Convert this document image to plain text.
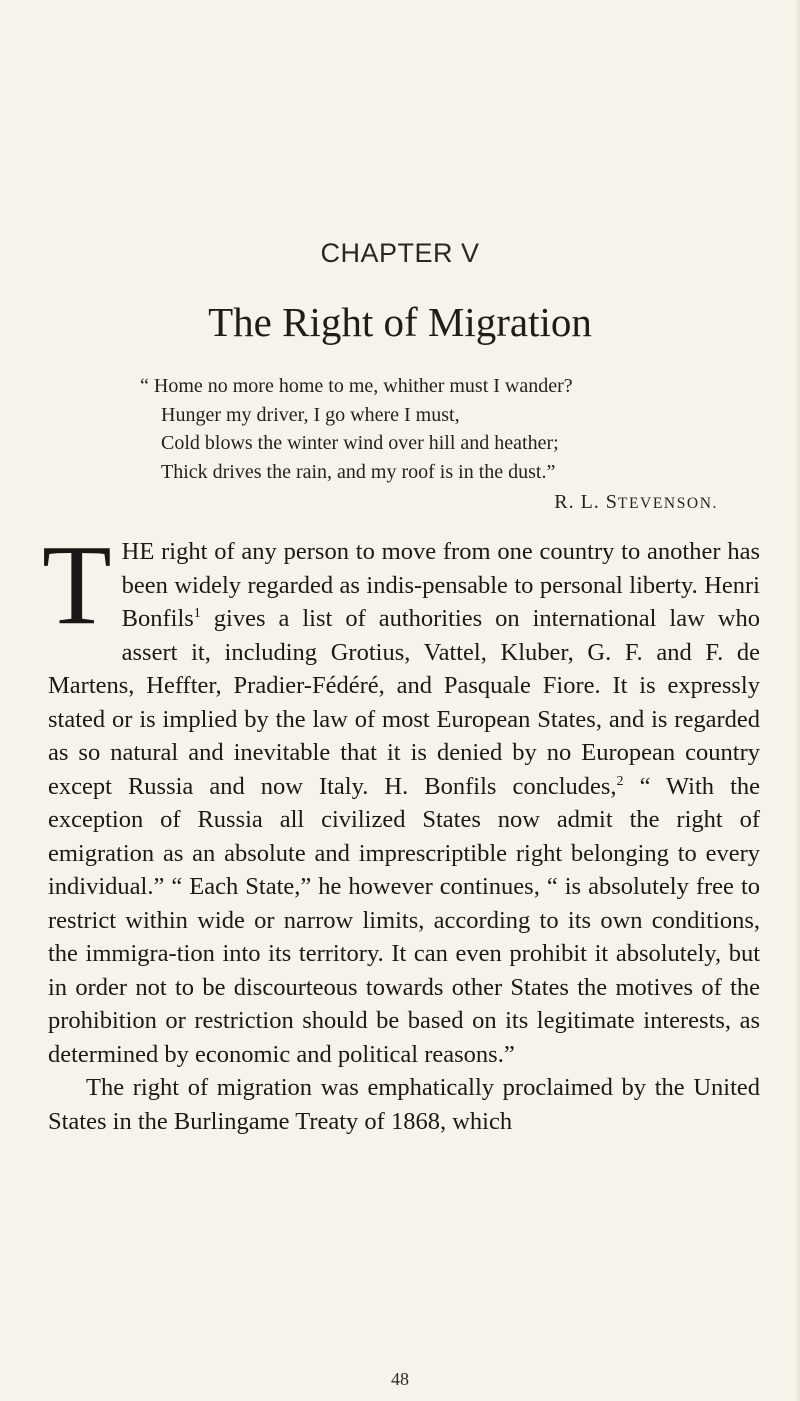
CHAPTER V
The Right of Migration
“ Home no more home to me, whither must I wander?
Hunger my driver, I go where I must,
Cold blows the winter wind over hill and heather;
Thick drives the rain, and my roof is in the dust.”
R. L. STEVENSON.
T HE right of any person to move from one country to another has been widely regarded as indis-pensable to personal liberty. Henri Bonfils$^1$ gives a list of authorities on international law who assert it, including Grotius, Vattel, Kluber, G. F. and F. de Martens, Heffter, Pradier-Fédéré, and Pasquale Fiore. It is expressly stated or is implied by the law of most European States, and is regarded as so natural and inevitable that it is denied by no European country except Russia and now Italy. H. Bonfils concludes,$^2$ “ With the exception of Russia all civilized States now admit the right of emigration as an absolute and imprescriptible right belonging to every individual.” “ Each State,” he however continues, “ is absolutely free to restrict within wide or narrow limits, according to its own conditions, the immigra-tion into its territory. It can even prohibit it absolutely, but in order not to be discourteous towards other States the motives of the prohibition or restriction should be based on its legitimate interests, as determined by economic and political reasons.”

The right of migration was emphatically proclaimed by the United States in the Burlingame Treaty of 1868, which

48
